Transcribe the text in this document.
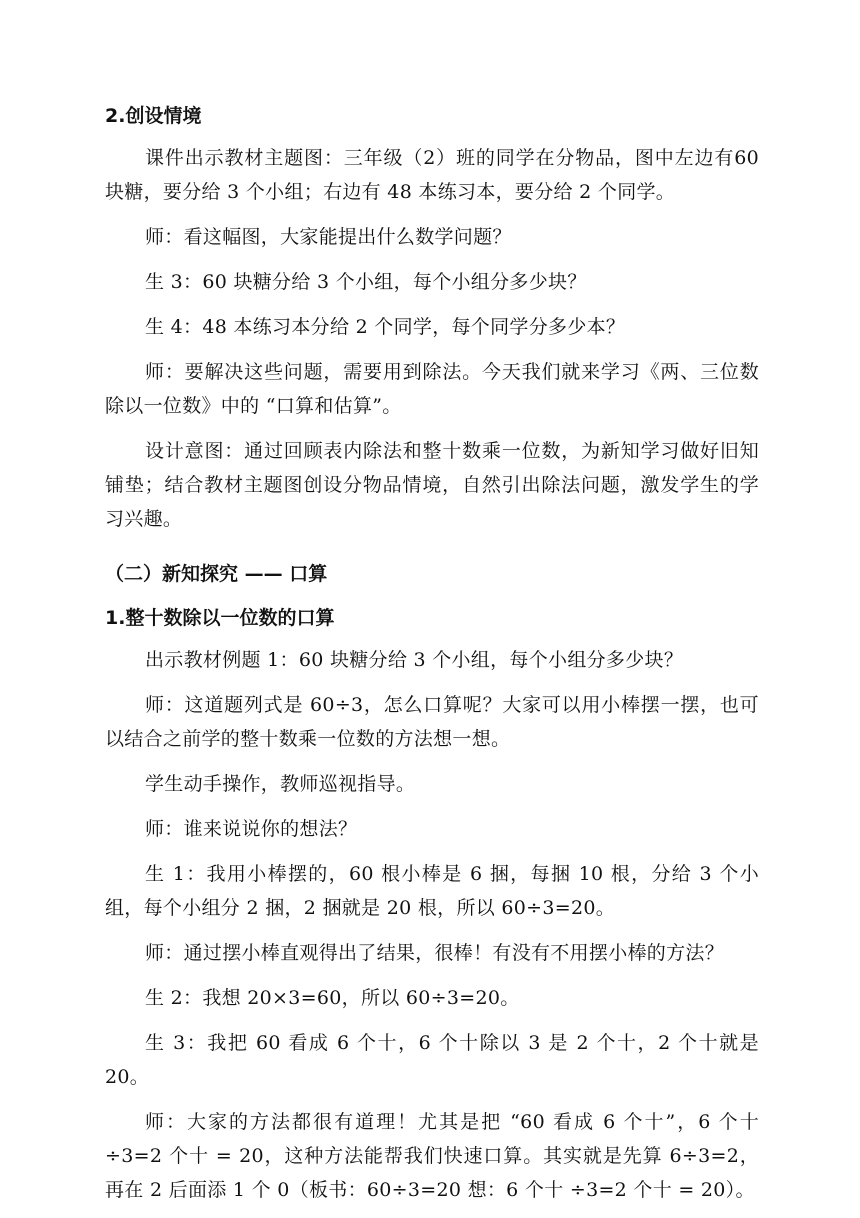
2.创设情境

课件出示教材主题图：三年级（2）班的同学在分物品，图中左边有60 块糖，要分给 3 个小组；右边有 48 本练习本，要分给 2 个同学。

师：看这幅图，大家能提出什么数学问题？

生 3：60 块糖分给 3 个小组，每个小组分多少块？

生 4：48 本练习本分给 2 个同学，每个同学分多少本？

师：要解决这些问题，需要用到除法。今天我们就来学习《两、三位数除以一位数》中的 “口算和估算”。

设计意图：通过回顾表内除法和整十数乘一位数，为新知学习做好旧知铺垫；结合教材主题图创设分物品情境，自然引出除法问题，激发学生的学习兴趣。

（二）新知探究 —— 口算
1.整十数除以一位数的口算

出示教材例题 1：60 块糖分给 3 个小组，每个小组分多少块？

师：这道题列式是 60÷3，怎么口算呢？大家可以用小棒摆一摆，也可以结合之前学的整十数乘一位数的方法想一想。

学生动手操作，教师巡视指导。

师：谁来说说你的想法？

生 1：我用小棒摆的，60 根小棒是 6 捆，每捆 10 根，分给 3 个小组，每个小组分 2 捆，2 捆就是 20 根，所以 60÷3=20。

师：通过摆小棒直观得出了结果，很棒！有没有不用摆小棒的方法？

生 2：我想 20×3=60，所以 60÷3=20。

生 3：我把 60 看成 6 个十，6 个十除以 3 是 2 个十，2 个十就是 20。

师：大家的方法都很有道理！尤其是把 “60 看成 6 个十”，6 个十÷3=2 个十 = 20，这种方法能帮我们快速口算。其实就是先算 6÷3=2，再在 2 后面添 1 个 0（板书：60÷3=20 想：6 个十 ÷3=2 个十 = 20）。
